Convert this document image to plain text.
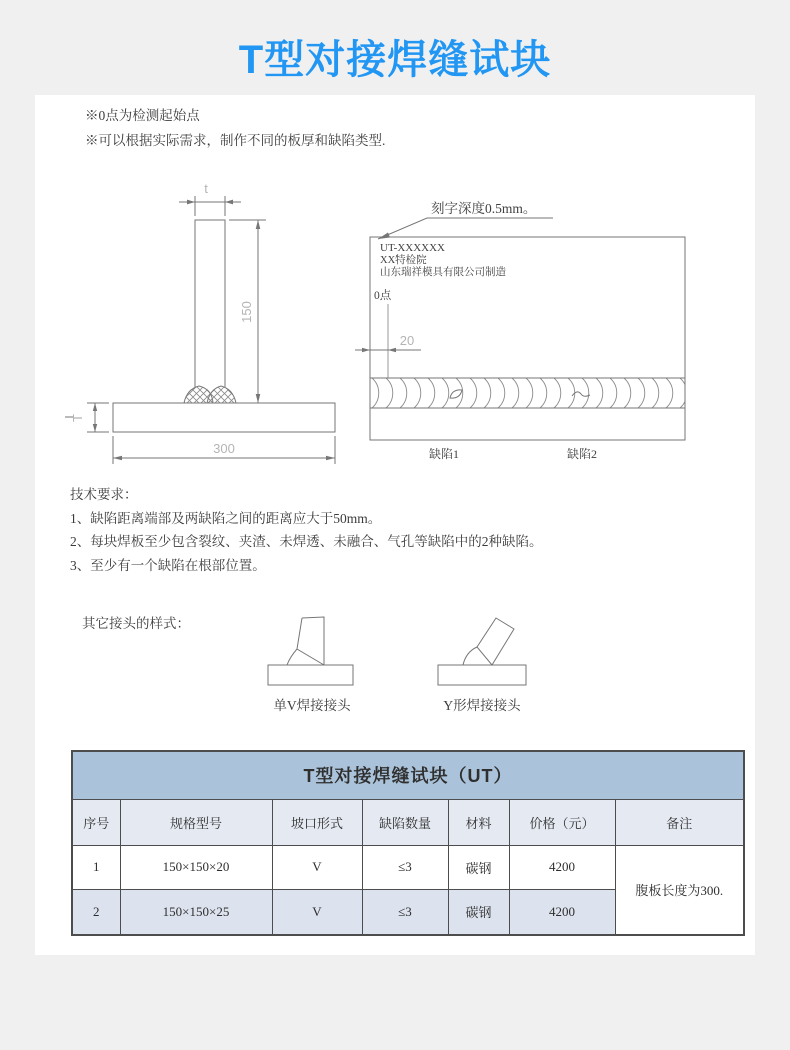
T型对接焊缝试块
※0点为检测起始点
※可以根据实际需求，制作不同的板厚和缺陷类型.
t
150
T
300
刻字深度0.5mm。
UT-XXXXXX
XX特检院
山东瑞祥模具有限公司制造
0点
20
缺陷1	缺陷2
技术要求：
1、缺陷距离端部及两缺陷之间的距离应大于50mm。
2、每块焊板至少包含裂纹、夹渣、未焊透、未融合、气孔等缺陷中的2种缺陷。
3、至少有一个缺陷在根部位置。
其它接头的样式：
单V焊接接头	Y形焊接接头
T型对接焊缝试块（UT）						
序号	规格型号	坡口形式	缺陷数量	材料	价格（元）	备注
1	150×150×20	V	≤3	碳钢	4200	腹板长度为300.
2	150×150×25	V	≤3	碳钢	4200	
